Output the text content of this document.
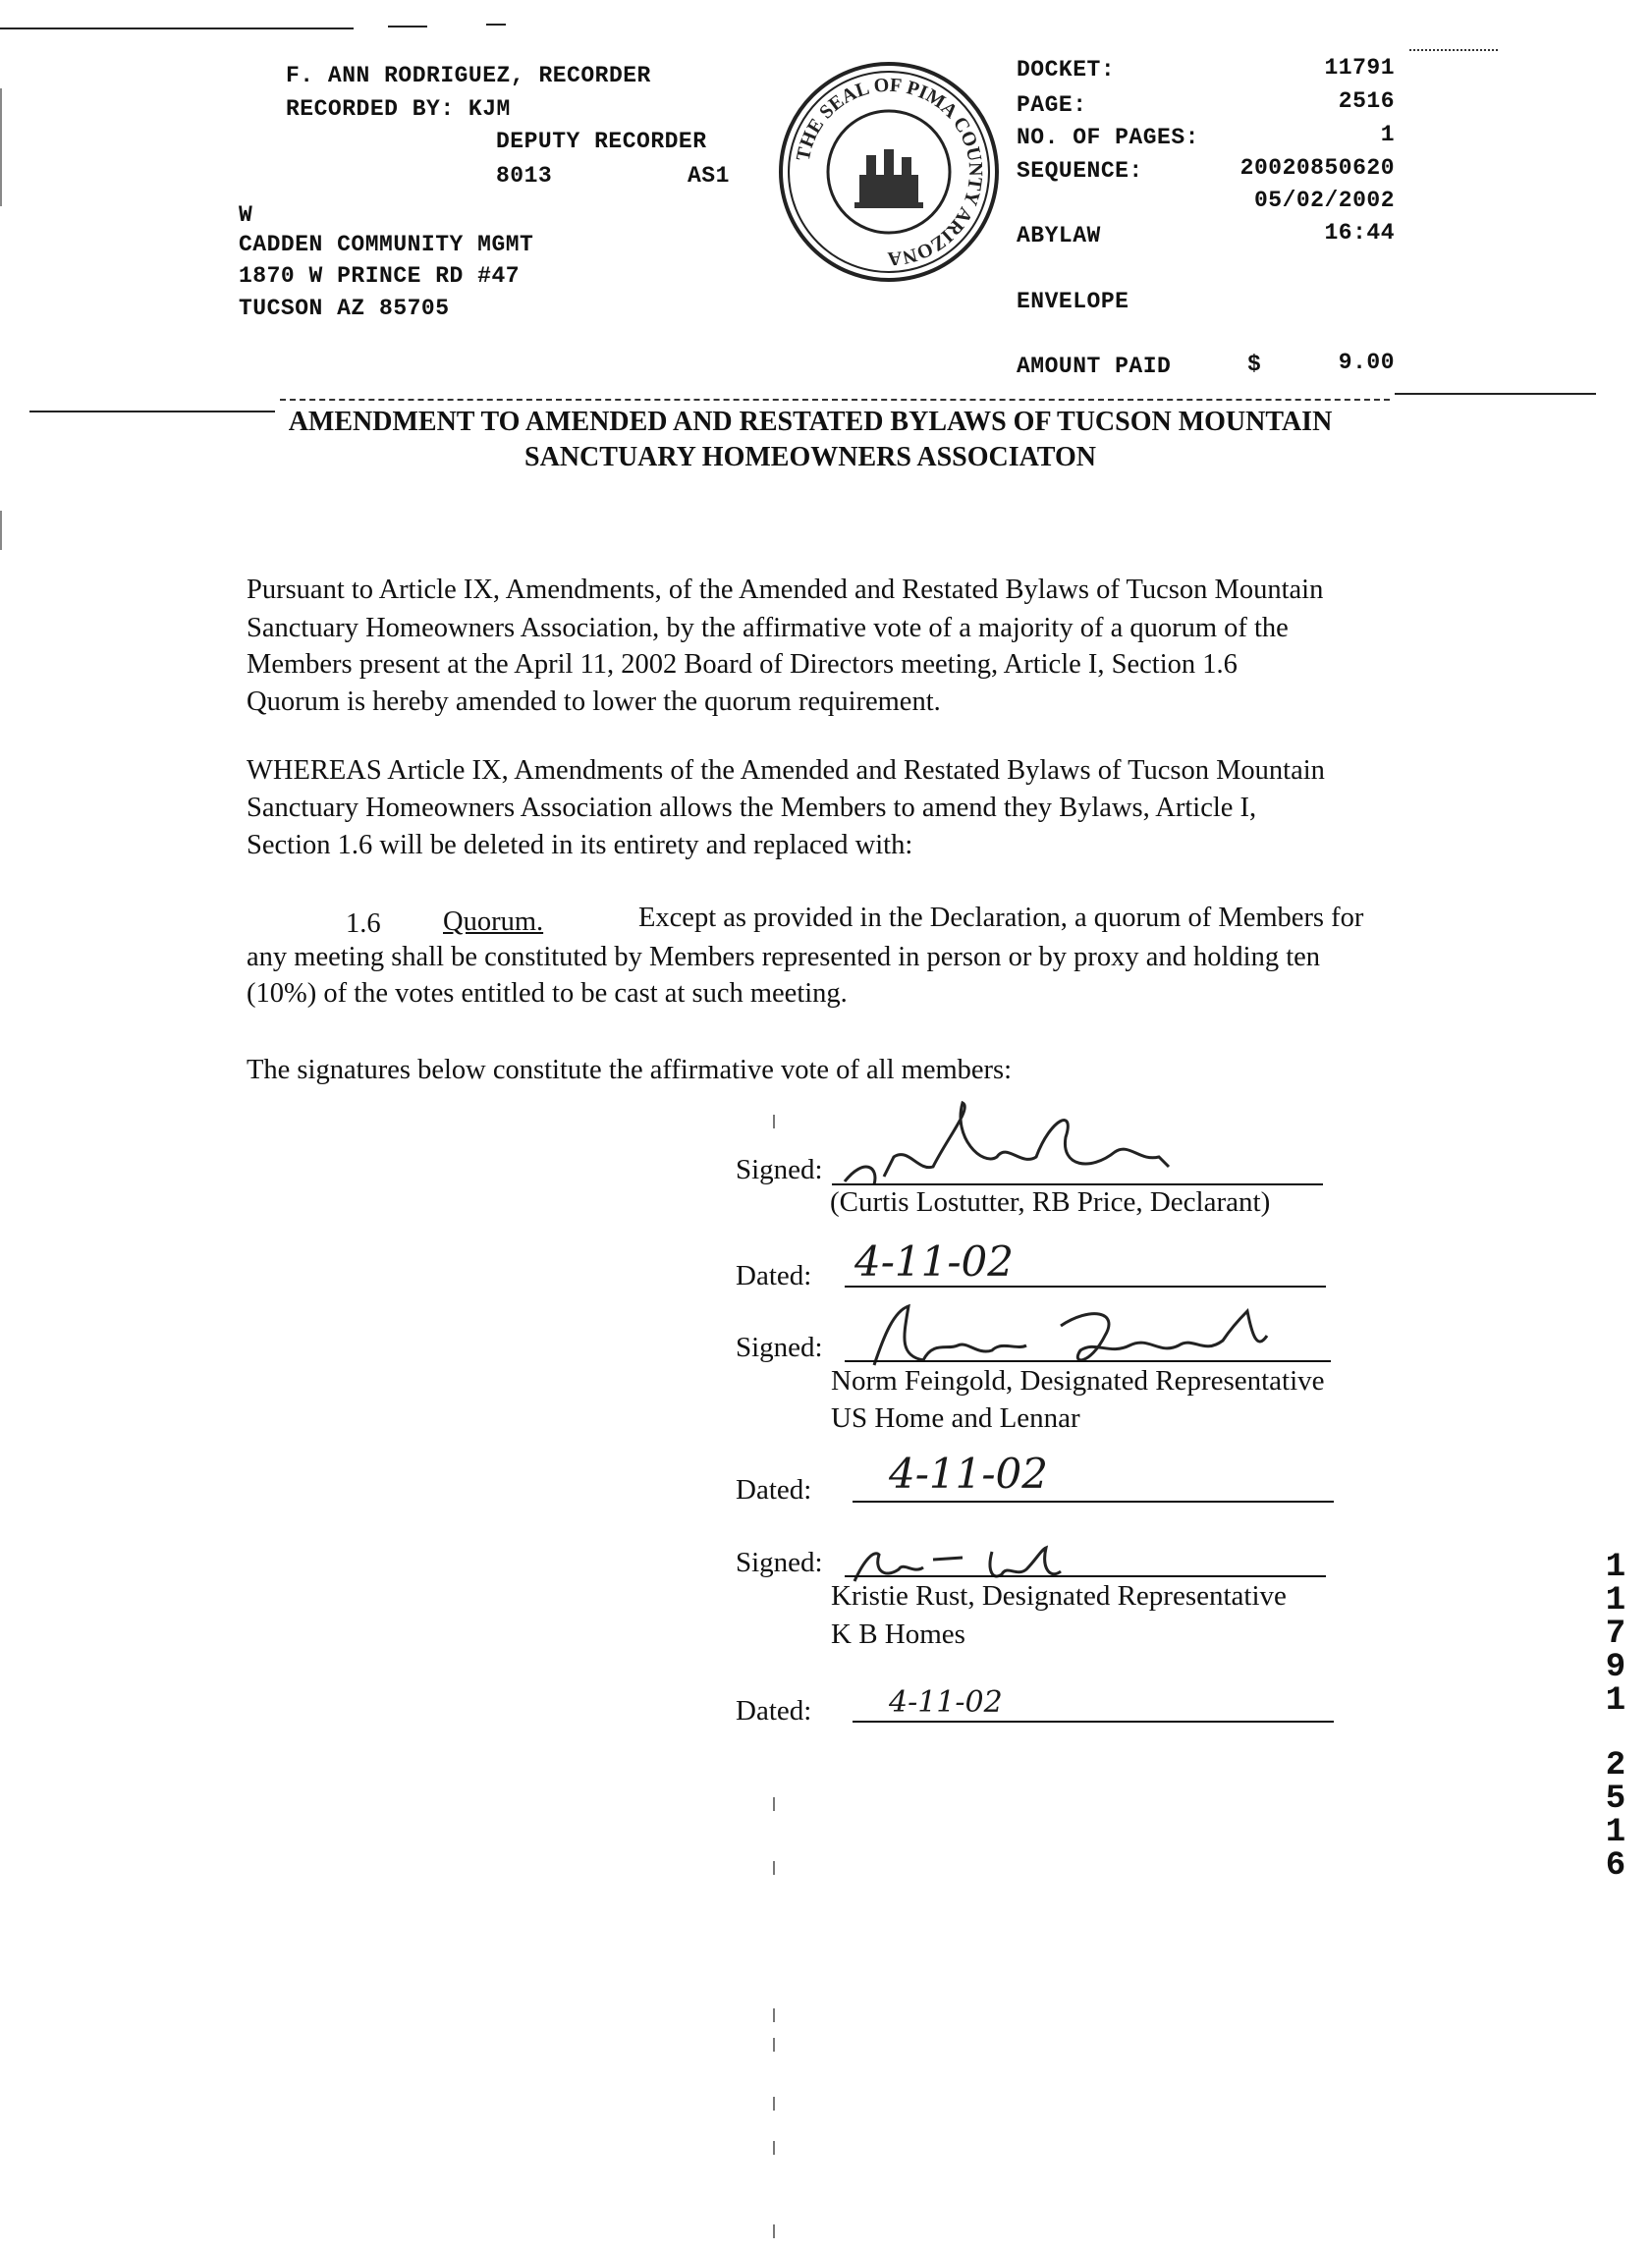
F. ANN RODRIGUEZ, RECORDER
RECORDED BY: KJM
DEPUTY RECORDER
8013	AS1
W
CADDEN COMMUNITY MGMT
1870 W PRINCE RD #47
TUCSON AZ 85705
THE SEAL OF PIMA COUNTY ARIZONA
DOCKET:	11791
PAGE:	2516
NO. OF PAGES:	1
SEQUENCE:	20020850620
05/02/2002
ABYLAW	16:44
ENVELOPE
AMOUNT PAID	$	9.00
AMENDMENT TO AMENDED AND RESTATED BYLAWS OF TUCSON MOUNTAIN
SANCTUARY HOMEOWNERS ASSOCIATON
Pursuant to Article IX, Amendments, of the Amended and Restated Bylaws of Tucson Mountain
Sanctuary Homeowners Association, by the affirmative vote of a majority of a quorum of the
Members present at the April 11, 2002 Board of Directors meeting, Article I, Section 1.6
Quorum is hereby amended to lower the quorum requirement.
WHEREAS Article IX, Amendments of the Amended and Restated Bylaws of Tucson Mountain
Sanctuary Homeowners Association allows the Members to amend they Bylaws, Article I,
Section 1.6 will be deleted in its entirety and replaced with:
1.6	Quorum.	Except as provided in the Declaration, a quorum of Members for
any meeting shall be constituted by Members represented in person or by proxy and holding ten
(10%) of the votes entitled to be cast at such meeting.
The signatures below constitute the affirmative vote of all members:
Signed:
(Curtis Lostutter, RB Price, Declarant)
Dated: 4-11-02
Signed:
Norm Feingold, Designated Representative
US Home and Lennar
Dated: 4-11-02
Signed:
Kristie Rust, Designated Representative
K B Homes
Dated:	4-11-02
1
1
7
9
1
2
5
1
6
